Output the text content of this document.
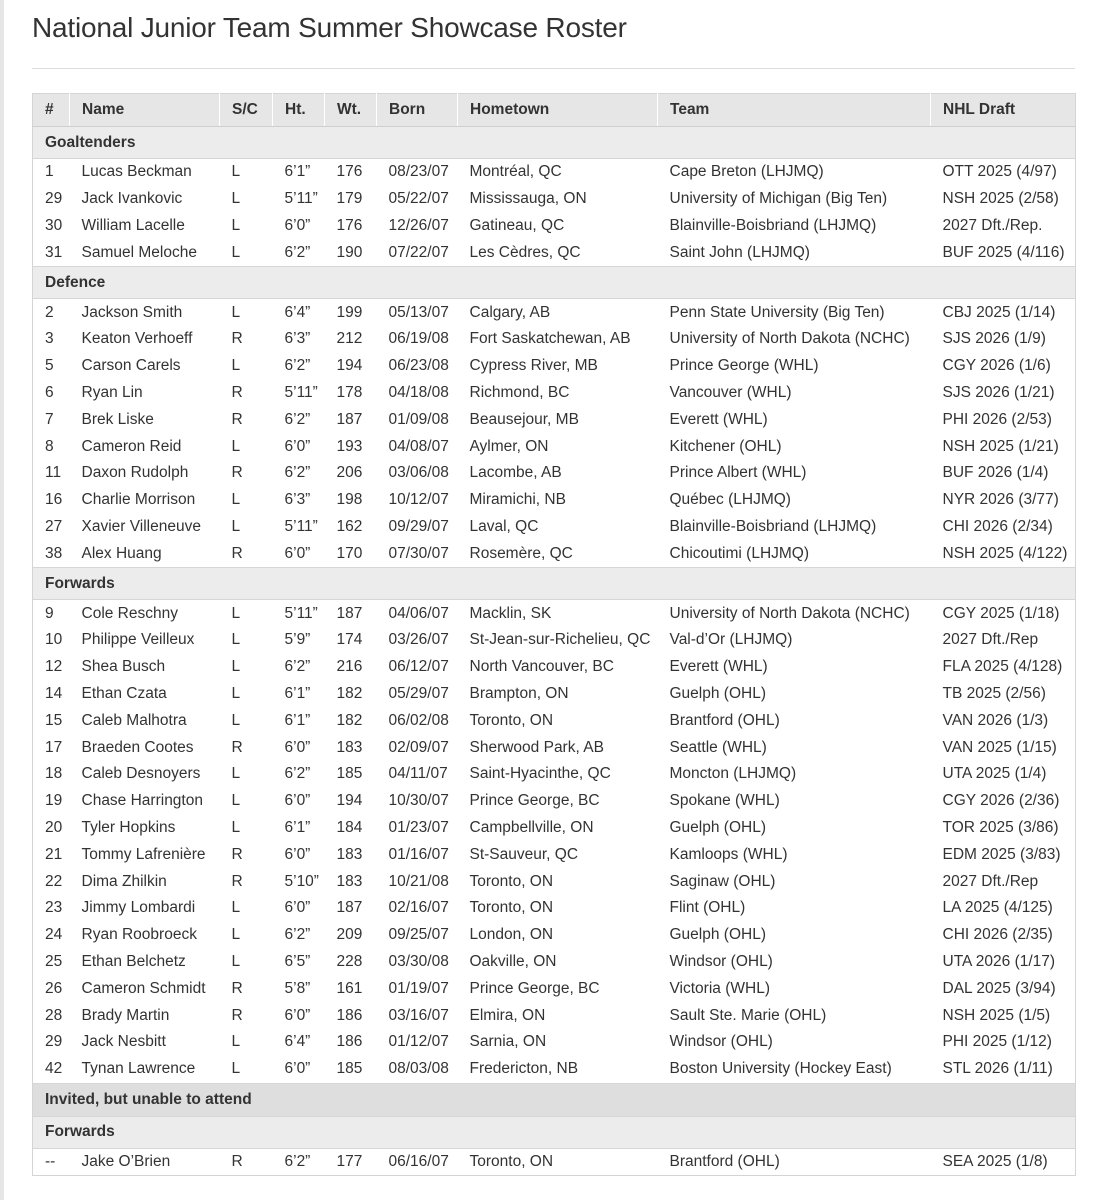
National Junior Team Summer Showcase Roster
#	Name	S/C	Ht.	Wt.	Born	Hometown	Team	NHL Draft
Goaltenders								
1	Lucas Beckman	L	6’1”	176	08/23/07	Montréal, QC	Cape Breton (LHJMQ)	OTT 2025 (4/97)
29	Jack Ivankovic	L	5’11”	179	05/22/07	Mississauga, ON	University of Michigan (Big Ten)	NSH 2025 (2/58)
30	William Lacelle	L	6’0”	176	12/26/07	Gatineau, QC	Blainville-Boisbriand (LHJMQ)	2027 Dft./Rep.
31	Samuel Meloche	L	6’2”	190	07/22/07	Les Cèdres, QC	Saint John (LHJMQ)	BUF 2025 (4/116)
Defence								
2	Jackson Smith	L	6’4”	199	05/13/07	Calgary, AB	Penn State University (Big Ten)	CBJ 2025 (1/14)
3	Keaton Verhoeff	R	6’3”	212	06/19/08	Fort Saskatchewan, AB	University of North Dakota (NCHC)	SJS 2026 (1/9)
5	Carson Carels	L	6’2”	194	06/23/08	Cypress River, MB	Prince George (WHL)	CGY 2026 (1/6)
6	Ryan Lin	R	5’11”	178	04/18/08	Richmond, BC	Vancouver (WHL)	SJS 2026 (1/21)
7	Brek Liske	R	6’2”	187	01/09/08	Beausejour, MB	Everett (WHL)	PHI 2026 (2/53)
8	Cameron Reid	L	6’0”	193	04/08/07	Aylmer, ON	Kitchener (OHL)	NSH 2025 (1/21)
11	Daxon Rudolph	R	6’2”	206	03/06/08	Lacombe, AB	Prince Albert (WHL)	BUF 2026 (1/4)
16	Charlie Morrison	L	6’3”	198	10/12/07	Miramichi, NB	Québec (LHJMQ)	NYR 2026 (3/77)
27	Xavier Villeneuve	L	5’11”	162	09/29/07	Laval, QC	Blainville-Boisbriand (LHJMQ)	CHI 2026 (2/34)
38	Alex Huang	R	6’0”	170	07/30/07	Rosemère, QC	Chicoutimi (LHJMQ)	NSH 2025 (4/122)
Forwards								
9	Cole Reschny	L	5’11”	187	04/06/07	Macklin, SK	University of North Dakota (NCHC)	CGY 2025 (1/18)
10	Philippe Veilleux	L	5’9”	174	03/26/07	St-Jean-sur-Richelieu, QC	Val-d’Or (LHJMQ)	2027 Dft./Rep
12	Shea Busch	L	6’2”	216	06/12/07	North Vancouver, BC	Everett (WHL)	FLA 2025 (4/128)
14	Ethan Czata	L	6’1”	182	05/29/07	Brampton, ON	Guelph (OHL)	TB 2025 (2/56)
15	Caleb Malhotra	L	6’1”	182	06/02/08	Toronto, ON	Brantford (OHL)	VAN 2026 (1/3)
17	Braeden Cootes	R	6’0”	183	02/09/07	Sherwood Park, AB	Seattle (WHL)	VAN 2025 (1/15)
18	Caleb Desnoyers	L	6’2”	185	04/11/07	Saint-Hyacinthe, QC	Moncton (LHJMQ)	UTA 2025 (1/4)
19	Chase Harrington	L	6’0”	194	10/30/07	Prince George, BC	Spokane (WHL)	CGY 2026 (2/36)
20	Tyler Hopkins	L	6’1”	184	01/23/07	Campbellville, ON	Guelph (OHL)	TOR 2025 (3/86)
21	Tommy Lafrenière	R	6’0”	183	01/16/07	St-Sauveur, QC	Kamloops (WHL)	EDM 2025 (3/83)
22	Dima Zhilkin	R	5’10”	183	10/21/08	Toronto, ON	Saginaw (OHL)	2027 Dft./Rep
23	Jimmy Lombardi	L	6’0”	187	02/16/07	Toronto, ON	Flint (OHL)	LA 2025 (4/125)
24	Ryan Roobroeck	L	6’2”	209	09/25/07	London, ON	Guelph (OHL)	CHI 2026 (2/35)
25	Ethan Belchetz	L	6’5”	228	03/30/08	Oakville, ON	Windsor (OHL)	UTA 2026 (1/17)
26	Cameron Schmidt	R	5’8”	161	01/19/07	Prince George, BC	Victoria (WHL)	DAL 2025 (3/94)
28	Brady Martin	R	6’0”	186	03/16/07	Elmira, ON	Sault Ste. Marie (OHL)	NSH 2025 (1/5)
29	Jack Nesbitt	L	6’4”	186	01/12/07	Sarnia, ON	Windsor (OHL)	PHI 2025 (1/12)
42	Tynan Lawrence	L	6’0”	185	08/03/08	Fredericton, NB	Boston University (Hockey East)	STL 2026 (1/11)
Invited, but unable to attend								
Forwards								
--	Jake O’Brien	R	6’2”	177	06/16/07	Toronto, ON	Brantford (OHL)	SEA 2025 (1/8)
